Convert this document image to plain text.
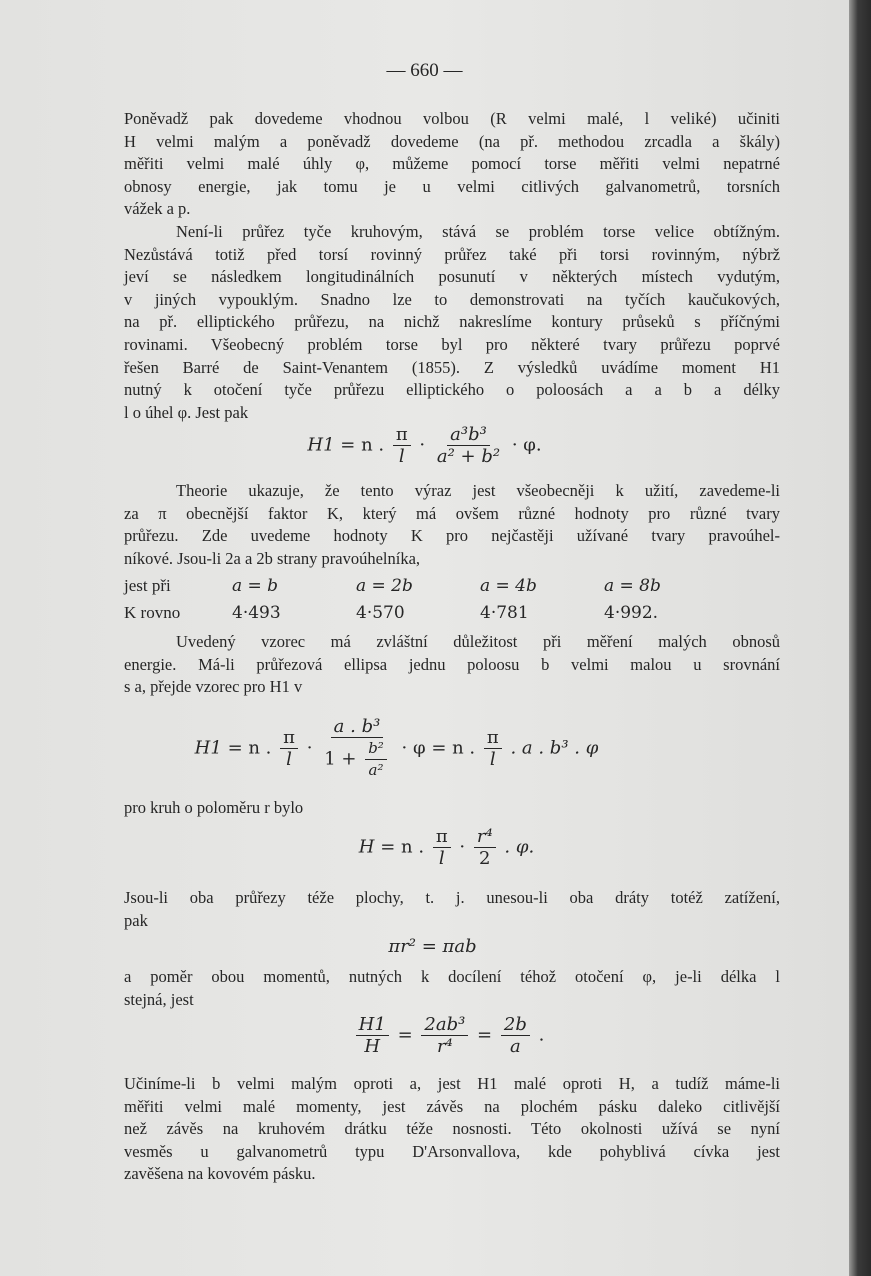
— 660 —
Poněvadž pak dovedeme vhodnou volbou (R velmi malé, l veliké) učiniti
H velmi malým a poněvadž dovedeme (na př. methodou zrcadla a škály)
měřiti velmi malé úhly φ, můžeme pomocí torse měřiti velmi nepatrné
obnosy energie, jak tomu je u velmi citlivých galvanometrů, torsních
vážek a p.
Není-li průřez tyče kruhovým, stává se problém torse velice obtížným.
Nezůstává totiž před torsí rovinný průřez také při torsi rovinným, nýbrž
jeví se následkem longitudinálních posunutí v některých místech vydutým,
v jiných vypouklým. Snadno lze to demonstrovati na tyčích kaučukových,
na př. elliptického průřezu, na nichž nakreslíme kontury průseků s příčnými
rovinami. Všeobecný problém torse byl pro některé tvary průřezu poprvé
řešen Barré de Saint-Venantem (1855). Z výsledků uvádíme moment H1
nutný k otočení tyče průřezu elliptického o poloosách a a b a délky
l o úhel φ. Jest pak
H1 = n . $\frac{\pi}{l} \cdot \frac{\text{a³b³}}{\text{a² + b²}} \cdot \varphi$.
Theorie ukazuje, že tento výraz jest všeobecněji k užití, zavedeme-li
za π obecnější faktor K, který má ovšem různé hodnoty pro různé tvary
průřezu. Zde uvedeme hodnoty K pro nejčastěji užívané tvary pravoúhel-
níkové. Jsou-li 2a a 2b strany pravoúhelníka,
jest při	a = b	a = 2b	a = 4b	a = 8b
K rovno	4·493	4·570	4·781	4·992.
Uvedený vzorec má zvláštní důležitost při měření malých obnosů
energie. Má-li průřezová ellipsa jednu poloosu b velmi malou u srovnání
s a, přejde vzorec pro H1 v
H1 = n . $\frac{\pi}{l} \cdot \frac{\text{a . b³}}{1 + \frac{\text{b²}}{\text{a²}}} \cdot \varphi = n$ . $\frac{\pi}{l}$ . a . b³ . φ
pro kruh o poloměru r bylo
H = n . $\frac{\pi}{l} \cdot \frac{\text{r⁴}}{2}$ . φ.
Jsou-li oba průřezy téže plochy, t. j. unesou-li oba dráty totéž zatížení,
pak
πr² = πab
a poměr obou momentů, nutných k docílení téhož otočení φ, je-li délka l
stejná, jest
$\frac{H1}{H} = \frac{\text{2ab³}}{\text{r⁴}} = \frac{2b}{a}$ .
Učiníme-li b velmi malým oproti a, jest H1 malé oproti H, a tudíž máme-li
měřiti velmi malé momenty, jest závěs na plochém pásku daleko citlivější
než závěs na kruhovém drátku téže nosnosti. Této okolnosti užívá se nyní
vesměs u galvanometrů typu D'Arsonvallova, kde pohyblivá cívka jest
zavěšena na kovovém pásku.
